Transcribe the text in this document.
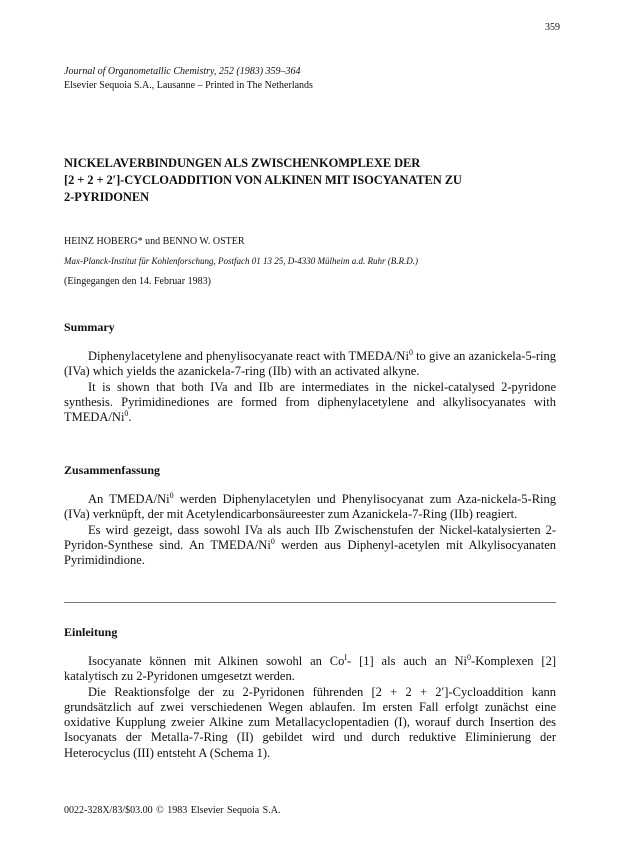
359
Journal of Organometallic Chemistry, 252 (1983) 359–364
Elsevier Sequoia S.A., Lausanne – Printed in The Netherlands
NICKELAVERBINDUNGEN ALS ZWISCHENKOMPLEXE DER
[2 + 2 + 2′]-CYCLOADDITION VON ALKINEN MIT ISOCYANATEN ZU
2-PYRIDONEN
HEINZ HOBERG* und BENNO W. OSTER
Max-Planck-Institut für Kohlenforschung, Postfach 01 13 25, D-4330 Mülheim a.d. Ruhr (B.R.D.)
(Eingegangen den 14. Februar 1983)
Summary

Diphenylacetylene and phenylisocyanate react with TMEDA/Ni$^0$ to give an azanickela-5-ring (IVa) which yields the azanickela-7-ring (IIb) with an activated alkyne.

It is shown that both IVa and IIb are intermediates in the nickel-catalysed 2-pyridone synthesis. Pyrimidinediones are formed from diphenylacetylene and alkylisocyanates with TMEDA/Ni$^0$.

Zusammenfassung

An TMEDA/Ni$^0$ werden Diphenylacetylen und Phenylisocyanat zum Aza-nickela-5-Ring (IVa) verknüpft, der mit Acetylendicarbonsäureester zum Azanickela-7-Ring (IIb) reagiert.

Es wird gezeigt, dass sowohl IVa als auch IIb Zwischenstufen der Nickel-katalysierten 2-Pyridon-Synthese sind. An TMEDA/Ni$^0$ werden aus Diphenyl-acetylen mit Alkylisocyanaten Pyrimidindione.

Einleitung

Isocyanate können mit Alkinen sowohl an $Co^I-$ [1] als auch an Ni$^0$-Komplexen [2] katalytisch zu 2-Pyridonen umgesetzt werden.

Die Reaktionsfolge der zu 2-Pyridonen führenden [2 + 2 + 2′]-Cycloaddition kann grundsätzlich auf zwei verschiedenen Wegen ablaufen. Im ersten Fall erfolgt zunächst eine oxidative Kupplung zweier Alkine zum Metallacyclopentadien (I), worauf durch Insertion des Isocyanats der Metalla-7-Ring (II) gebildet wird und durch reduktive Eliminierung der Heterocyclus (III) entsteht A (Schema 1).

0022-328X/83/$03.00 © 1983 Elsevier Sequoia S.A.
